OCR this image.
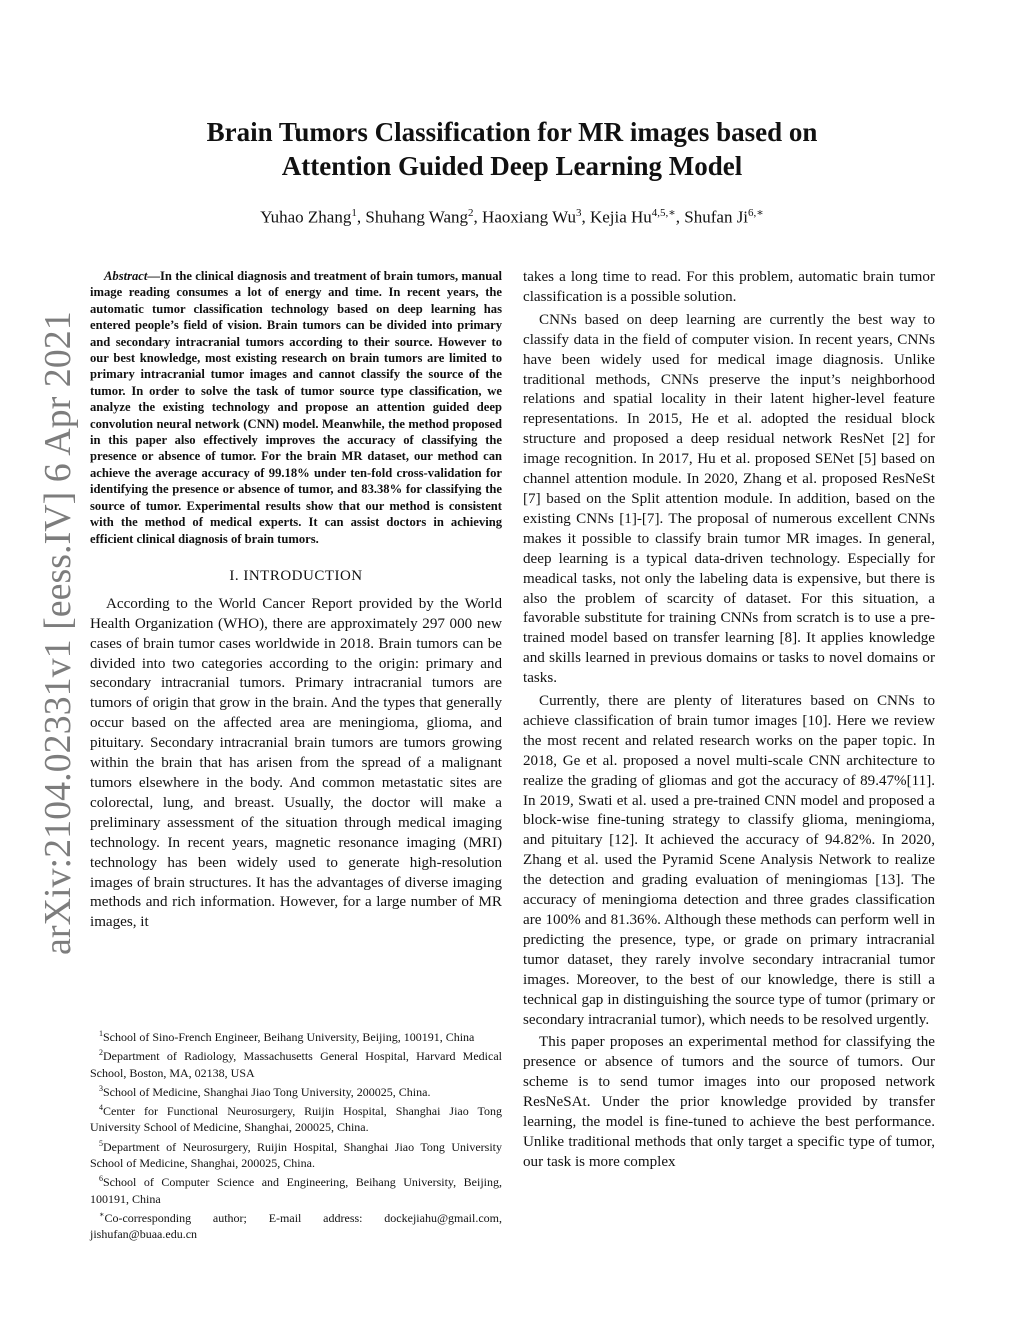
arXiv:2104.02331v1 [eess.IV] 6 Apr 2021
Brain Tumors Classification for MR images based on
Attention Guided Deep Learning Model
Yuhao Zhang$^1$, Shuhang Wang$^2$, Haoxiang Wu$^3$, Kejia $Hu^{4,5,∗}$, Shufan $Ji^{6,∗}$

Abstract—In the clinical diagnosis and treatment of brain tumors, manual image reading consumes a lot of energy and time. In recent years, the automatic tumor classification technology based on deep learning has entered people’s field of vision. Brain tumors can be divided into primary and secondary intracranial tumors according to their source. However to our best knowledge, most existing research on brain tumors are limited to primary intracranial tumor images and cannot classify the source of the tumor. In order to solve the task of tumor source type classification, we analyze the existing technology and propose an attention guided deep convolution neural network (CNN) model. Meanwhile, the method proposed in this paper also effectively improves the accuracy of classifying the presence or absence of tumor. For the brain MR dataset, our method can achieve the average accuracy of 99.18% under ten-fold cross-validation for identifying the presence or absence of tumor, and 83.38% for classifying the source of tumor. Experimental results show that our method is consistent with the method of medical experts. It can assist doctors in achieving efficient clinical diagnosis of brain tumors.

I. INTRODUCTION

According to the World Cancer Report provided by the World Health Organization (WHO), there are approximately 297 000 new cases of brain tumor cases worldwide in 2018. Brain tumors can be divided into two categories according to the origin: primary and secondary intracranial tumors. Primary intracranial tumors are tumors of origin that grow in the brain. And the types that generally occur based on the affected area are meningioma, glioma, and pituitary. Secondary intracranial brain tumors are tumors growing within the brain that has arisen from the spread of a malignant tumors elsewhere in the body. And common metastatic sites are colorectal, lung, and breast. Usually, the doctor will make a preliminary assessment of the situation through medical imaging technology. In recent years, magnetic resonance imaging (MRI) technology has been widely used to generate high-resolution images of brain structures. It has the advantages of diverse imaging methods and rich information. However, for a large number of MR images, it

$^1$School of Sino-French Engineer, Beihang University, Beijing, 100191, China

$^2$Department of Radiology, Massachusetts General Hospital, Harvard Medical School, Boston, MA, 02138, USA

$^3$School of Medicine, Shanghai Jiao Tong University, 200025, China.

$^4$Center for Functional Neurosurgery, Ruijin Hospital, Shanghai Jiao Tong University School of Medicine, Shanghai, 200025, China.

$^5$Department of Neurosurgery, Ruijin Hospital, Shanghai Jiao Tong University School of Medicine, Shanghai, 200025, China.

$^6$School of Computer Science and Engineering, Beihang University, Beijing, 100191, China

∗Co-corresponding author; E-mail address: dockejiahu@gmail.com, jishufan@buaa.edu.cn

takes a long time to read. For this problem, automatic brain tumor classification is a possible solution.

CNNs based on deep learning are currently the best way to classify data in the field of computer vision. In recent years, CNNs have been widely used for medical image diagnosis. Unlike traditional methods, CNNs preserve the input’s neighborhood relations and spatial locality in their latent higher-level feature representations. In 2015, He et al. adopted the residual block structure and proposed a deep residual network ResNet [2] for image recognition. In 2017, Hu et al. proposed SENet [5] based on channel attention module. In 2020, Zhang et al. proposed ResNeSt [7] based on the Split attention module. In addition, based on the existing CNNs [1]-[7]. The proposal of numerous excellent CNNs makes it possible to classify brain tumor MR images. In general, deep learning is a typical data-driven technology. Especially for meadical tasks, not only the labeling data is expensive, but there is also the problem of scarcity of dataset. For this situation, a favorable substitute for training CNNs from scratch is to use a pre-trained model based on transfer learning [8]. It applies knowledge and skills learned in previous domains or tasks to novel domains or tasks.

Currently, there are plenty of literatures based on CNNs to achieve classification of brain tumor images [10]. Here we review the most recent and related research works on the paper topic. In 2018, Ge et al. proposed a novel multi-scale CNN architecture to realize the grading of gliomas and got the accuracy of 89.47%[11]. In 2019, Swati et al. used a pre-trained CNN model and proposed a block-wise fine-tuning strategy to classify glioma, meningioma, and pituitary [12]. It achieved the accuracy of 94.82%. In 2020, Zhang et al. used the Pyramid Scene Analysis Network to realize the detection and grading evaluation of meningiomas [13]. The accuracy of meningioma detection and three grades classification are 100% and 81.36%. Although these methods can perform well in predicting the presence, type, or grade on primary intracranial tumor dataset, they rarely involve secondary intracranial tumor images. Moreover, to the best of our knowledge, there is still a technical gap in distinguishing the source type of tumor (primary or secondary intracranial tumor), which needs to be resolved urgently.

This paper proposes an experimental method for classifying the presence or absence of tumors and the source of tumors. Our scheme is to send tumor images into our proposed network ResNeSAt. Under the prior knowledge provided by transfer learning, the model is fine-tuned to achieve the best performance. Unlike traditional methods that only target a specific type of tumor, our task is more complex
